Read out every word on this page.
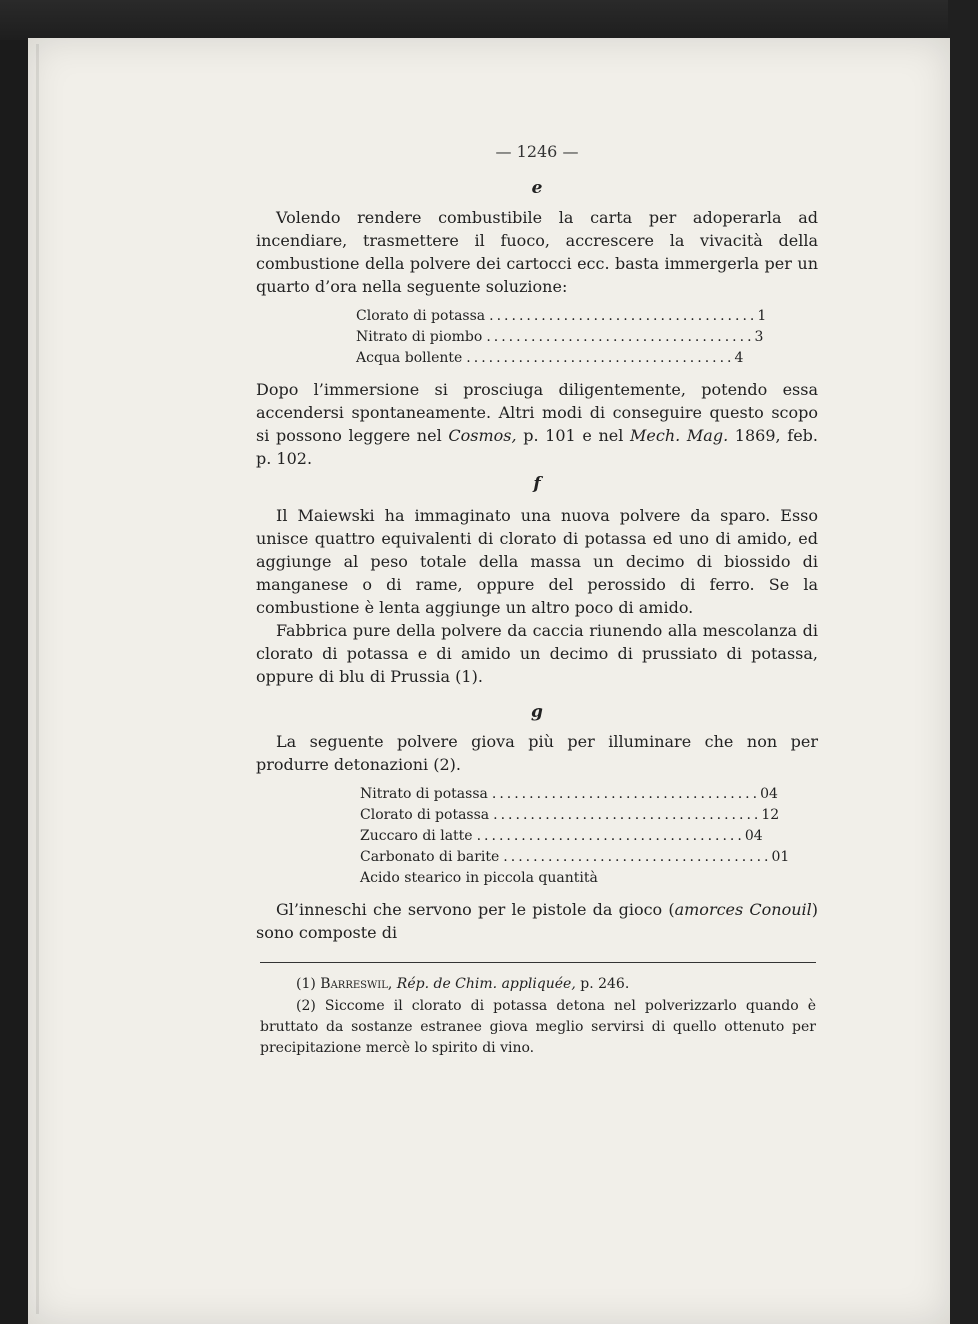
— 1246 —
e

Volendo rendere combustibile la carta per adoperarla ad incendiare, trasmettere il fuoco, accrescere la vivacità della combustione della polvere dei cartocci ecc. basta immergerla per un quarto d’ora nella seguente soluzione:

Clorato di potassa .................................... 1
Nitrato di piombo .................................... 3
Acqua bollente .................................... 4

Dopo l’immersione si prosciuga diligentemente, potendo essa accendersi spontaneamente. Altri modi di conseguire questo scopo si possono leggere nel Cosmos, p. 101 e nel Mech. Mag. 1869, feb. p. 102.

f

Il Maiewski ha immaginato una nuova polvere da sparo. Esso unisce quattro equivalenti di clorato di potassa ed uno di amido, ed aggiunge al peso totale della massa un decimo di biossido di manganese o di rame, oppure del perossido di ferro. Se la combustione è lenta aggiunge un altro poco di amido.

Fabbrica pure della polvere da caccia riunendo alla mescolanza di clorato di potassa e di amido un decimo di prussiato di potassa, oppure di blu di Prussia (1).

g

La seguente polvere giova più per illuminare che non per produrre detonazioni (2).

Nitrato di potassa .................................... 04
Clorato di potassa .................................... 12
Zuccaro di latte .................................... 04
Carbonato di barite .................................... 01
Acido stearico in piccola quantità

Gl’inneschi che servono per le pistole da gioco (amorces Conouil) sono composte di

(1) Barreswil, Rép. de Chim. appliquée, p. 246.

(2) Siccome il clorato di potassa detona nel polverizzarlo quando è bruttato da sostanze estranee giova meglio servirsi di quello ottenuto per precipitazione mercè lo spirito di vino.
